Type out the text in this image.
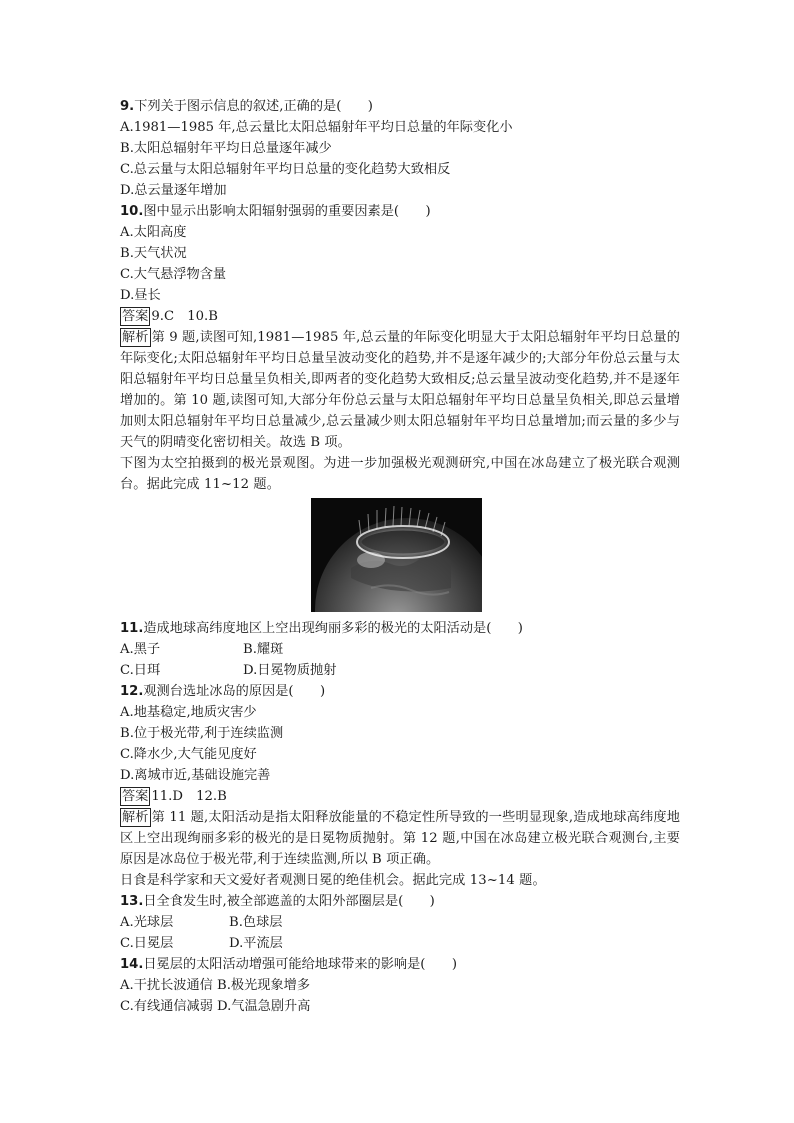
9.下列关于图示信息的叙述,正确的是(　　)
A.1981—1985 年,总云量比太阳总辐射年平均日总量的年际变化小
B.太阳总辐射年平均日总量逐年减少
C.总云量与太阳总辐射年平均日总量的变化趋势大致相反
D.总云量逐年增加
10.图中显示出影响太阳辐射强弱的重要因素是(　　)
A.太阳高度
B.天气状况
C.大气悬浮物含量
D.昼长
答案 9.C　10.B
解析 第 9 题,读图可知,1981—1985 年,总云量的年际变化明显大于太阳总辐射年平均日总量的年际变化;太阳总辐射年平均日总量呈波动变化的趋势,并不是逐年减少的;大部分年份总云量与太阳总辐射年平均日总量呈负相关,即两者的变化趋势大致相反;总云量呈波动变化趋势,并不是逐年增加的。第 10 题,读图可知,大部分年份总云量与太阳总辐射年平均日总量呈负相关,即总云量增加则太阳总辐射年平均日总量减少,总云量减少则太阳总辐射年平均日总量增加;而云量的多少与天气的阴晴变化密切相关。故选 B 项。
下图为太空拍摄到的极光景观图。为进一步加强极光观测研究,中国在冰岛建立了极光联合观测台。据此完成 11~12 题。
11.造成地球高纬度地区上空出现绚丽多彩的极光的太阳活动是(　　)
A.黑子	B.耀斑
C.日珥	D.日冕物质抛射
12.观测台选址冰岛的原因是(　　)
A.地基稳定,地质灾害少
B.位于极光带,利于连续监测
C.降水少,大气能见度好
D.离城市近,基础设施完善
答案 11.D　12.B
解析 第 11 题,太阳活动是指太阳释放能量的不稳定性所导致的一些明显现象,造成地球高纬度地区上空出现绚丽多彩的极光的是日冕物质抛射。第 12 题,中国在冰岛建立极光联合观测台,主要原因是冰岛位于极光带,利于连续监测,所以 B 项正确。
日食是科学家和天文爱好者观测日冕的绝佳机会。据此完成 13~14 题。
13.日全食发生时,被全部遮盖的太阳外部圈层是(　　)
A.光球层	B.色球层
C.日冕层	D.平流层
14.日冕层的太阳活动增强可能给地球带来的影响是(　　)
A.干扰长波通信 B.极光现象增多
C.有线通信减弱 D.气温急剧升高
